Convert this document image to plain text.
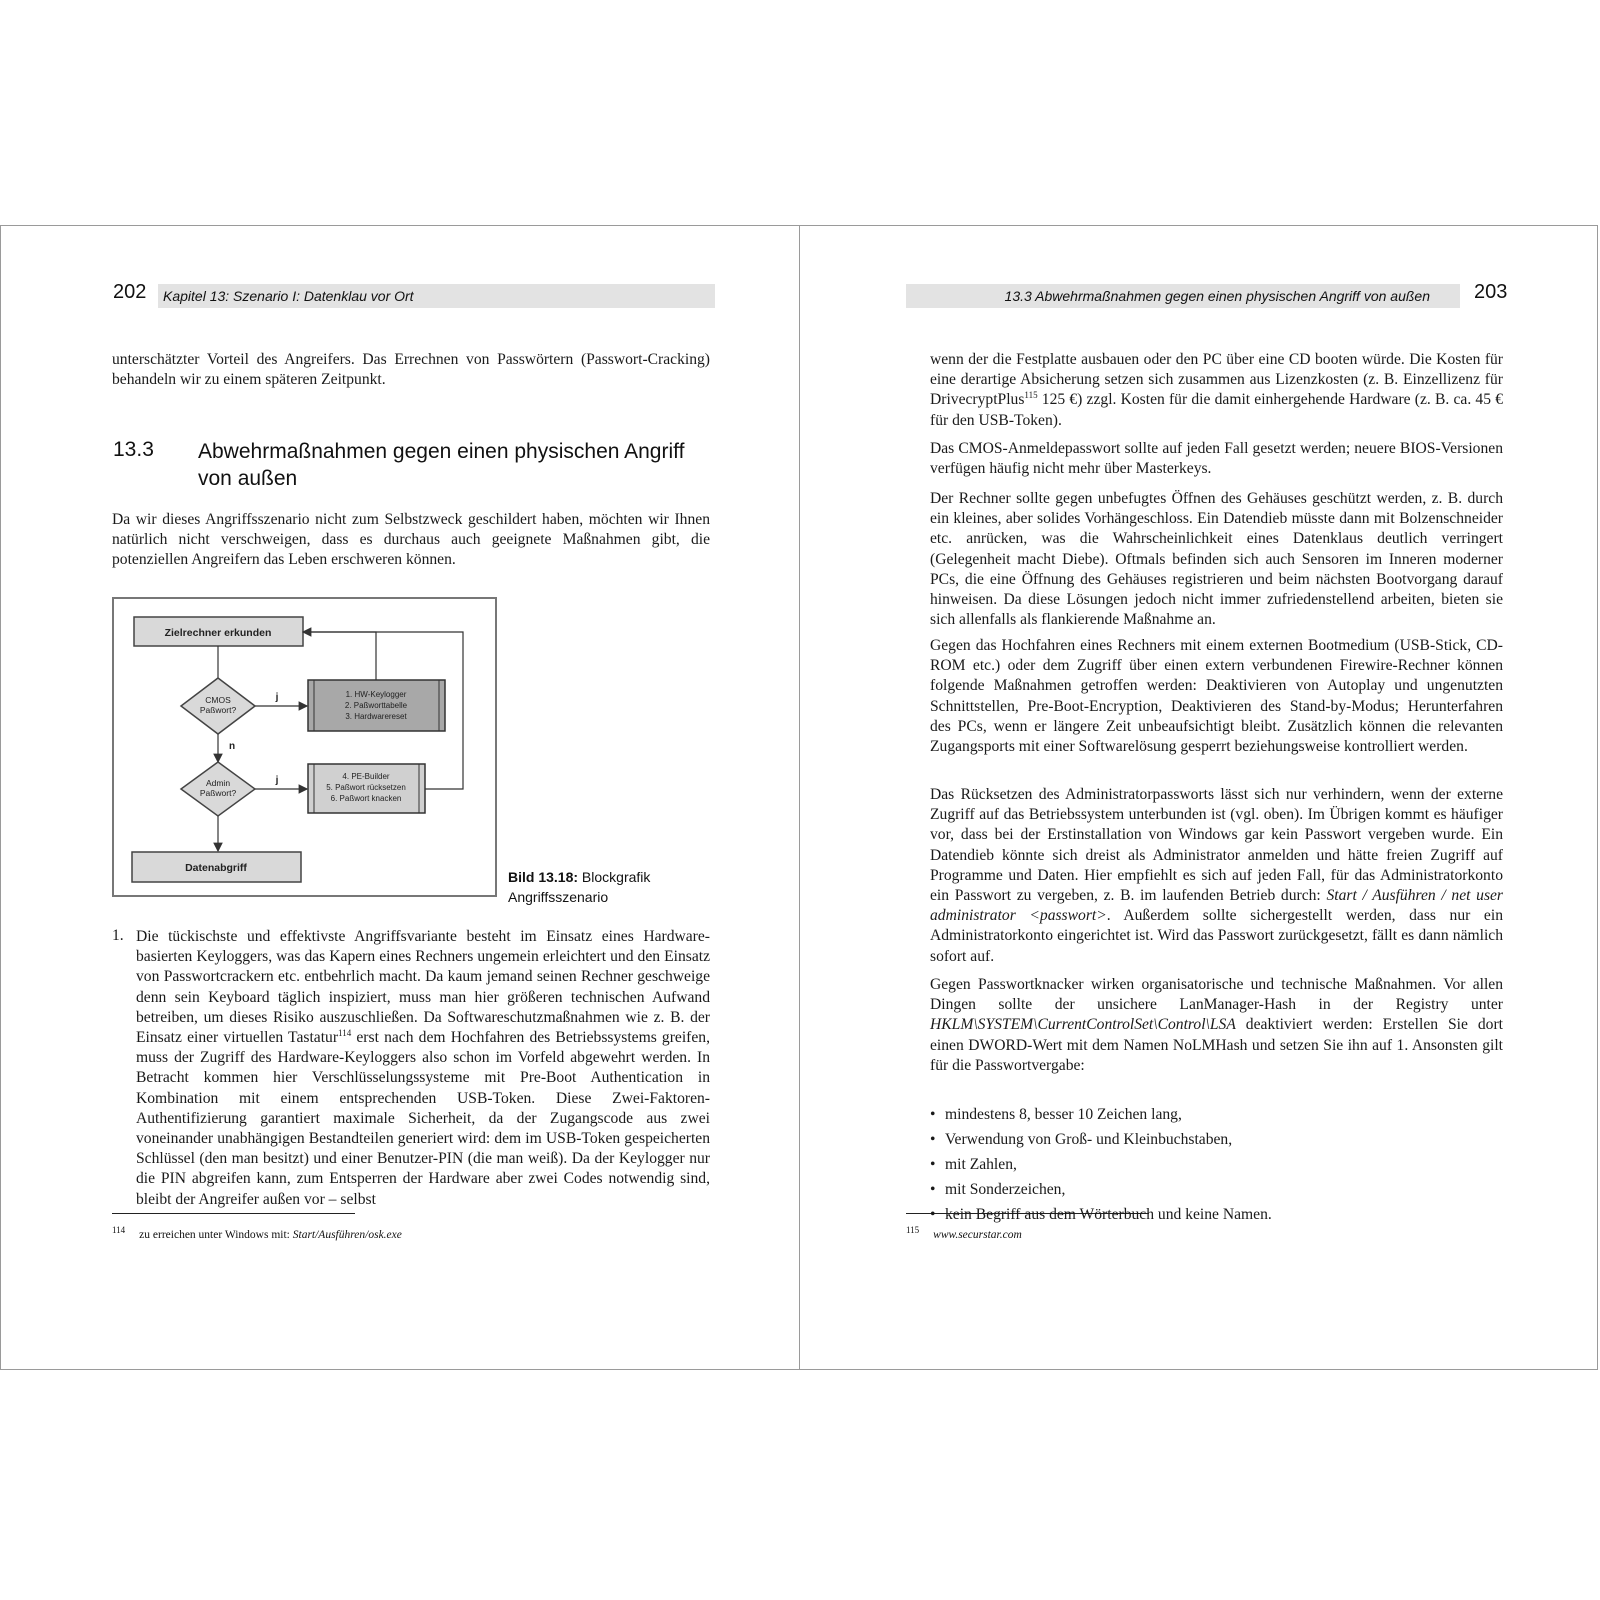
202 Kapitel 13: Szenario I: Datenklau vor Ort

unterschätzter Vorteil des Angreifers. Das Errechnen von Passwörtern (Passwort-Cracking) behandeln wir zu einem späteren Zeitpunkt.

13.3 Abwehrmaßnahmen gegen einen physischen Angriff von außen

Da wir dieses Angriffsszenario nicht zum Selbstzweck geschildert haben, möchten wir Ihnen natürlich nicht verschweigen, dass es durchaus auch geeignete Maßnahmen gibt, die potenziellen Angreifern das Leben erschweren können.

Zielrechner erkunden
CMOS
Paßwort?
j	1. HW-Keylogger
2. Paßworttabelle
3. Hardwarereset
n
Admin
Paßwort?
j	4. PE-Builder
5. Paßwort rücksetzen
6. Paßwort knacken
Datenabgriff
Bild 13.18: Blockgrafik Angriffsszenario
1. Die tückischste und effektivste Angriffsvariante besteht im Einsatz eines Hardware-basierten Keyloggers, was das Kapern eines Rechners ungemein erleichtert und den Einsatz von Passwortcrackern etc. entbehrlich macht. Da kaum jemand seinen Rechner geschweige denn sein Keyboard täglich inspiziert, muss man hier größeren technischen Aufwand betreiben, um dieses Risiko auszuschließen. Da Softwareschutzmaßnahmen wie z. B. der Einsatz einer virtuellen Tastatur$^{114}$ erst nach dem Hochfahren des Betriebssystems greifen, muss der Zugriff des Hardware-Keyloggers also schon im Vorfeld abgewehrt werden. In Betracht kommen hier Verschlüsselungssysteme mit Pre-Boot Authentication in Kombination mit einem entsprechenden USB-Token. Diese Zwei-Faktoren-Authentifizierung garantiert maximale Sicherheit, da der Zugangscode aus zwei voneinander unabhängigen Bestandteilen generiert wird: dem im USB-Token gespeicherten Schlüssel (den man besitzt) und einer Benutzer-PIN (die man weiß). Da der Keylogger nur die PIN abgreifen kann, zum Entsperren der Hardware aber zwei Codes notwendig sind, bleibt der Angreifer außen vor – selbst

$^{114}$ zu erreichen unter Windows mit: Start/Ausführen/osk.exe
13.3 Abwehrmaßnahmen gegen einen physischen Angriff von außen 203

wenn der die Festplatte ausbauen oder den PC über eine CD booten würde. Die Kosten für eine derartige Absicherung setzen sich zusammen aus Lizenzkosten (z. B. Einzellizenz für DrivecryptPlus$^{115}$ 125 €) zzgl. Kosten für die damit einhergehende Hardware (z. B. ca. 45 € für den USB-Token).

Das CMOS-Anmeldepasswort sollte auf jeden Fall gesetzt werden; neuere BIOS-Versionen verfügen häufig nicht mehr über Masterkeys.

Der Rechner sollte gegen unbefugtes Öffnen des Gehäuses geschützt werden, z. B. durch ein kleines, aber solides Vorhängeschloss. Ein Datendieb müsste dann mit Bolzenschneider etc. anrücken, was die Wahrscheinlichkeit eines Datenklaus deutlich verringert (Gelegenheit macht Diebe). Oftmals befinden sich auch Sensoren im Inneren moderner PCs, die eine Öffnung des Gehäuses registrieren und beim nächsten Bootvorgang darauf hinweisen. Da diese Lösungen jedoch nicht immer zufriedenstellend arbeiten, bieten sie sich allenfalls als flankierende Maßnahme an.

Gegen das Hochfahren eines Rechners mit einem externen Bootmedium (USB-Stick, CD-ROM etc.) oder dem Zugriff über einen extern verbundenen Firewire-Rechner können folgende Maßnahmen getroffen werden: Deaktivieren von Autoplay und ungenutzten Schnittstellen, Pre-Boot-Encryption, Deaktivieren des Stand-by-Modus; Herunterfahren des PCs, wenn er längere Zeit unbeaufsichtigt bleibt. Zusätzlich können die relevanten Zugangsports mit einer Softwarelösung gesperrt beziehungsweise kontrolliert werden.

Das Rücksetzen des Administratorpassworts lässt sich nur verhindern, wenn der externe Zugriff auf das Betriebssystem unterbunden ist (vgl. oben). Im Übrigen kommt es häufiger vor, dass bei der Erstinstallation von Windows gar kein Passwort vergeben wurde. Ein Datendieb könnte sich dreist als Administrator anmelden und hätte freien Zugriff auf Programme und Daten. Hier empfiehlt es sich auf jeden Fall, für das Administratorkonto ein Passwort zu vergeben, z. B. im laufenden Betrieb durch: Start / Ausführen / net user administrator <passwort>. Außerdem sollte sichergestellt werden, dass nur ein Administratorkonto eingerichtet ist. Wird das Passwort zurückgesetzt, fällt es dann nämlich sofort auf.

Gegen Passwortknacker wirken organisatorische und technische Maßnahmen. Vor allen Dingen sollte der unsichere LanManager-Hash in der Registry unter HKLM\SYSTEM\CurrentControlSet\Control\LSA deaktiviert werden: Erstellen Sie dort einen DWORD-Wert mit dem Namen NoLMHash und setzen Sie ihn auf 1. Ansonsten gilt für die Passwortvergabe:

$^{115}$ www.securstar.com
• mindestens 8, besser 10 Zeichen lang,
• Verwendung von Groß- und Kleinbuchstaben,
• mit Zahlen,
• mit Sonderzeichen,
• kein Begriff aus dem Wörterbuch und keine Namen.
